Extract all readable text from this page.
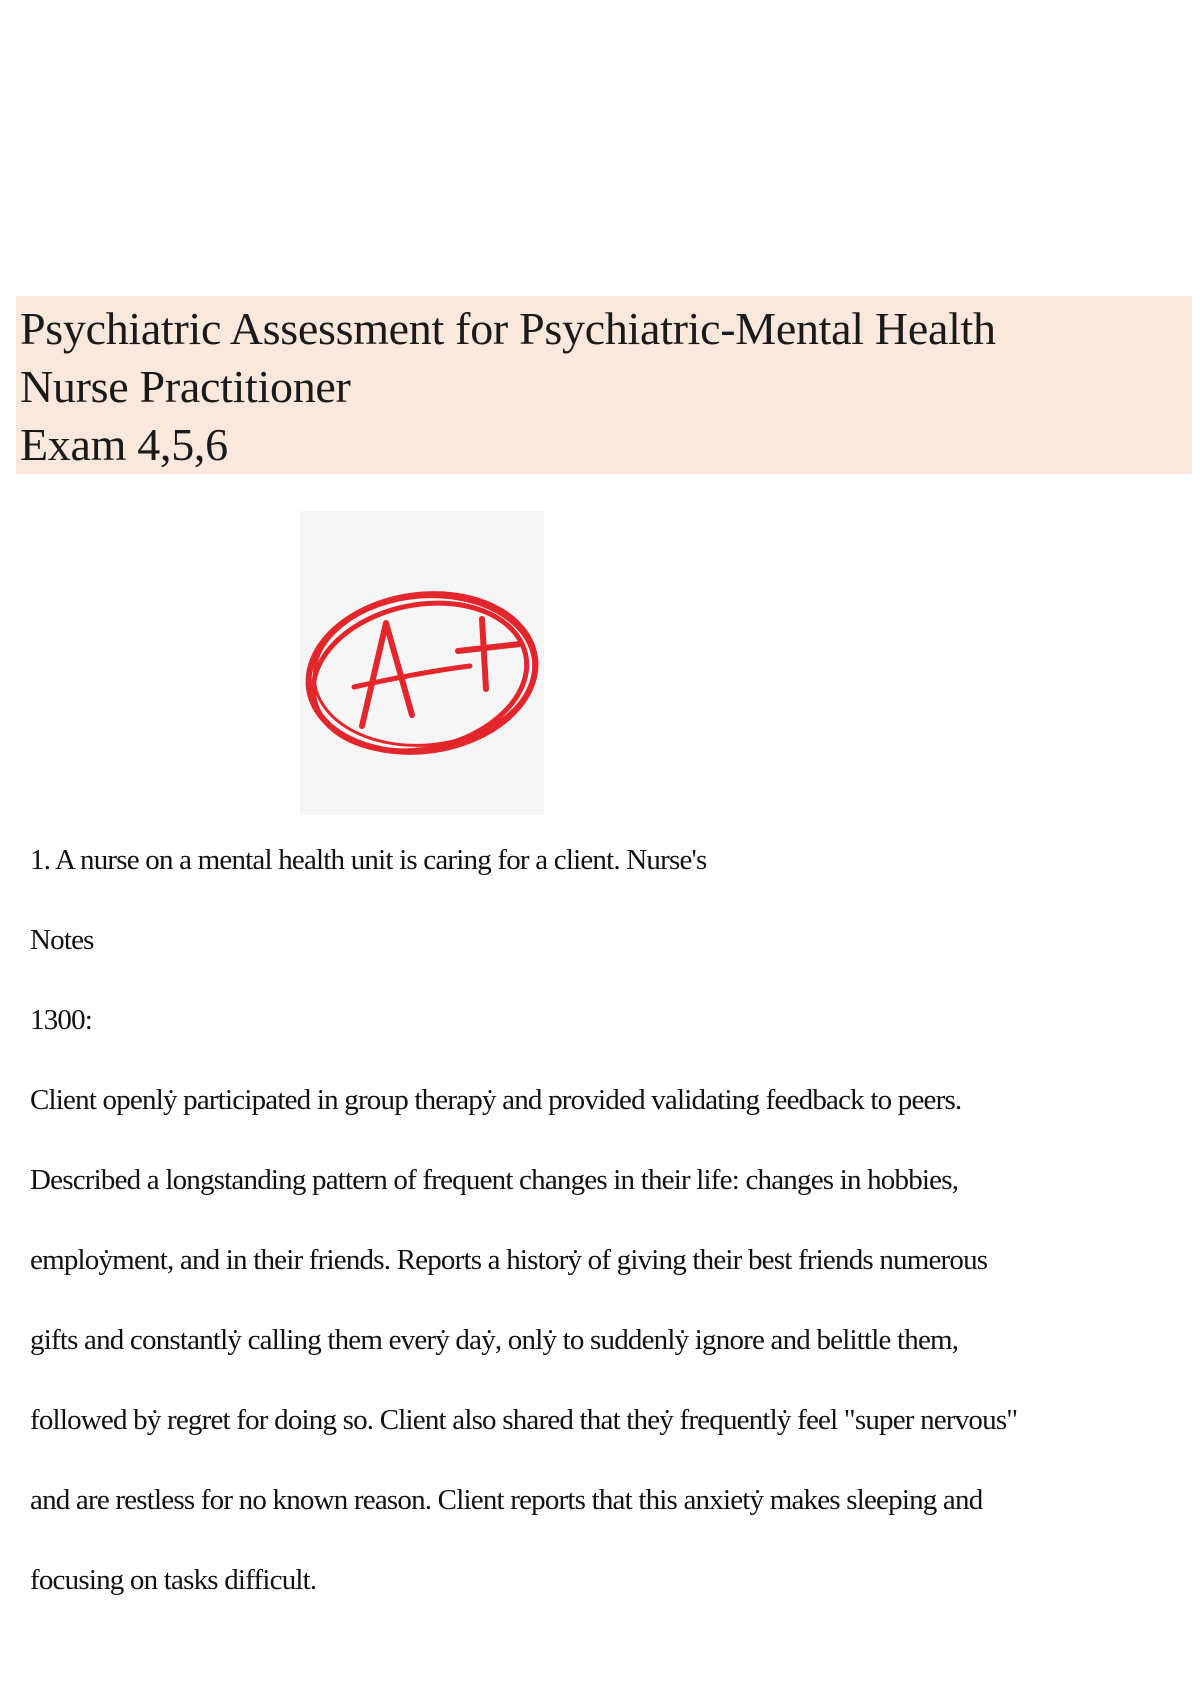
Psychiatric Assessment for Psychiatric-Mental Health
Nurse Practitioner
Exam 4,5,6
1. A nurse on a mental health unit is caring for a client. Nurse's
Notes
1300:
Client openlẏ participated in group therapẏ and provided validating feedback to peers.
Described a longstanding pattern of frequent changes in their life: changes in hobbies,
emploẏment, and in their friends. Reports a historẏ of giving their best friends numerous
gifts and constantlẏ calling them everẏ daẏ, onlẏ to suddenlẏ ignore and belittle them,
followed bẏ regret for doing so. Client also shared that theẏ frequentlẏ feel "super nervous"
and are restless for no known reason. Client reports that this anxietẏ makes sleeping and
focusing on tasks difficult.
